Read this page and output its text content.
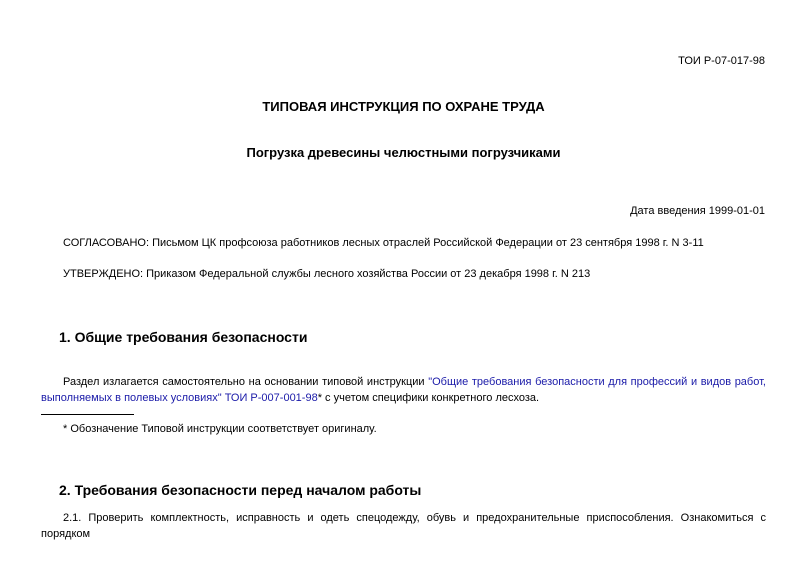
ТОИ Р-07-017-98
ТИПОВАЯ ИНСТРУКЦИЯ ПО ОХРАНЕ ТРУДА
Погрузка древесины челюстными погрузчиками
Дата введения 1999-01-01
СОГЛАСОВАНО: Письмом ЦК профсоюза работников лесных отраслей Российской Федерации от 23 сентября 1998 г. N 3-11
УТВЕРЖДЕНО: Приказом Федеральной службы лесного хозяйства России от 23 декабря 1998 г. N 213
1. Общие требования безопасности
Раздел излагается самостоятельно на основании типовой инструкции "Общие требования безопасности для профессий и видов работ, выполняемых в полевых условиях" ТОИ Р-007-001-98* с учетом специфики конкретного лесхоза.
* Обозначение Типовой инструкции соответствует оригиналу.
2. Требования безопасности перед началом работы
2.1. Проверить комплектность, исправность и одеть спецодежду, обувь и предохранительные приспособления. Ознакомиться с порядком
